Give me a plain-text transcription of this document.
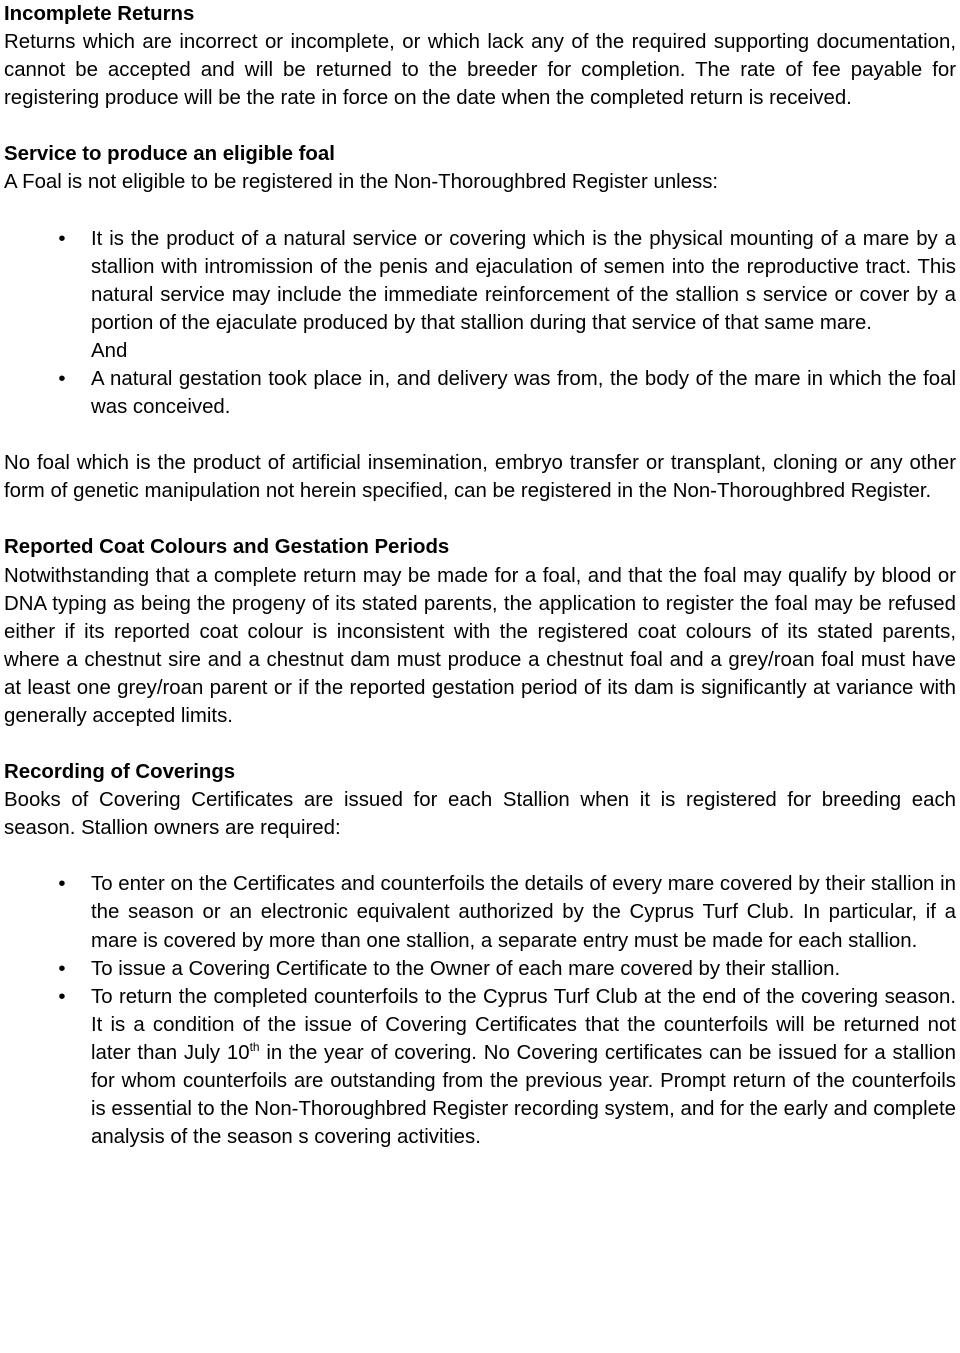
Incomplete Returns

Returns which are incorrect or incomplete, or which lack any of the required supporting documentation, cannot be accepted and will be returned to the breeder for completion. The rate of fee payable for registering produce will be the rate in force on the date when the completed return is received.

Service to produce an eligible foal

A Foal is not eligible to be registered in the Non-Thoroughbred Register unless:

•	It is the product of a natural service or covering which is the physical mounting of a mare by a stallion with intromission of the penis and ejaculation of semen into the reproductive tract. This natural service may include the immediate reinforcement of the stallion s service or cover by a portion of the ejaculate produced by that stallion during that service of that same mare.
And
•	A natural gestation took place in, and delivery was from, the body of the mare in which the foal was conceived.

No foal which is the product of artificial insemination, embryo transfer or transplant, cloning or any other form of genetic manipulation not herein specified, can be registered in the Non-Thoroughbred Register.

Reported Coat Colours and Gestation Periods

Notwithstanding that a complete return may be made for a foal, and that the foal may qualify by blood or DNA typing as being the progeny of its stated parents, the application to register the foal may be refused either if its reported coat colour is inconsistent with the registered coat colours of its stated parents, where a chestnut sire and a chestnut dam must produce a chestnut foal and a grey/roan foal must have at least one grey/roan parent or if the reported gestation period of its dam is significantly at variance with generally accepted limits.

Recording of Coverings

Books of Covering Certificates are issued for each Stallion when it is registered for breeding each season. Stallion owners are required:

•	To enter on the Certificates and counterfoils the details of every mare covered by their stallion in the season or an electronic equivalent authorized by the Cyprus Turf Club. In particular, if a mare is covered by more than one stallion, a separate entry must be made for each stallion.
•	To issue a Covering Certificate to the Owner of each mare covered by their stallion.
•	To return the completed counterfoils to the Cyprus Turf Club at the end of the covering season. It is a condition of the issue of Covering Certificates that the counterfoils will be returned not later than July 10th in the year of covering. No Covering certificates can be issued for a stallion for whom counterfoils are outstanding from the previous year. Prompt return of the counterfoils is essential to the Non-Thoroughbred Register recording system, and for the early and complete analysis of the season s covering activities.
